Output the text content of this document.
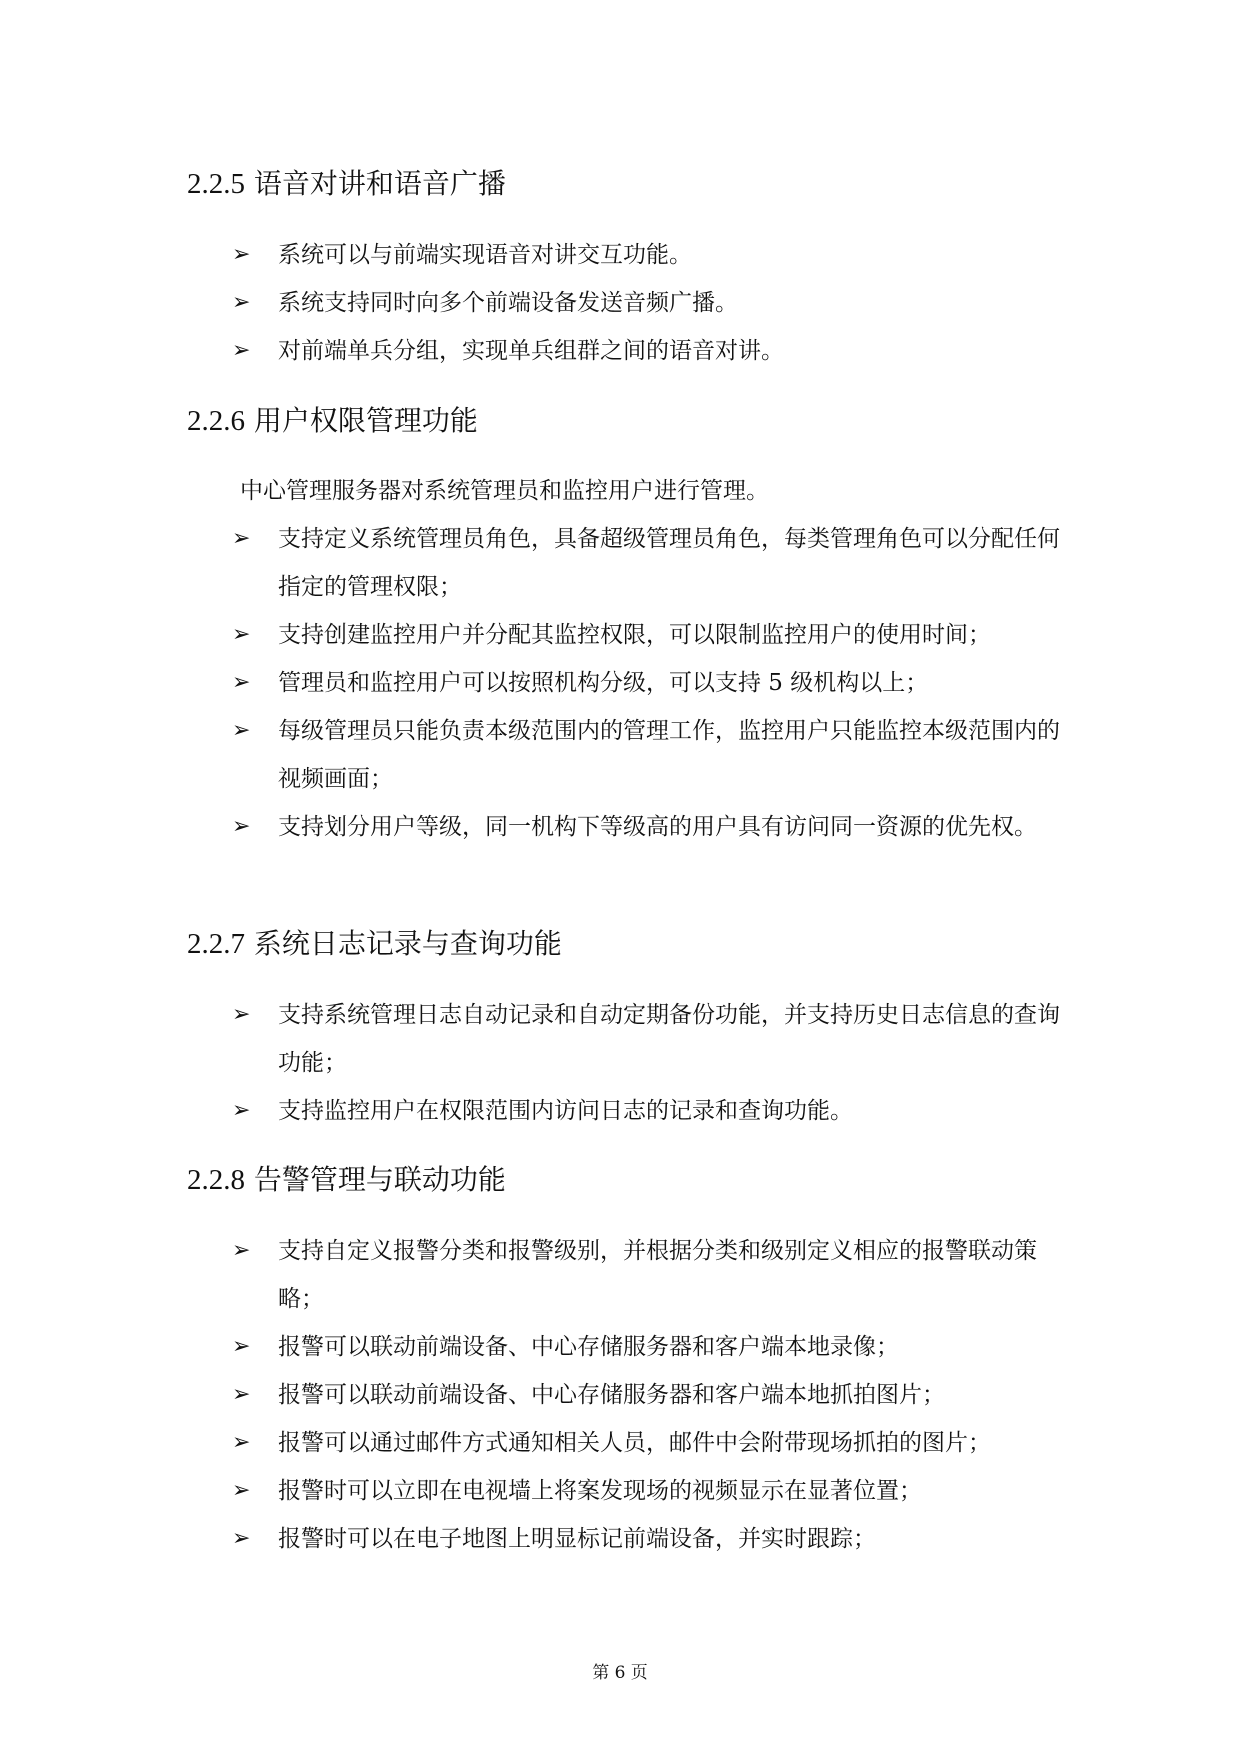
2.2.5 语音对讲和语音广播
➢ 系统可以与前端实现语音对讲交互功能。
➢ 系统支持同时向多个前端设备发送音频广播。
➢ 对前端单兵分组，实现单兵组群之间的语音对讲。
2.2.6 用户权限管理功能
中心管理服务器对系统管理员和监控用户进行管理。
➢ 支持定义系统管理员角色，具备超级管理员角色，每类管理角色可以分配任何指定的管理权限；
➢ 支持创建监控用户并分配其监控权限，可以限制监控用户的使用时间；
➢ 管理员和监控用户可以按照机构分级，可以支持 5 级机构以上；
➢ 每级管理员只能负责本级范围内的管理工作，监控用户只能监控本级范围内的视频画面；
➢ 支持划分用户等级，同一机构下等级高的用户具有访问同一资源的优先权。
2.2.7 系统日志记录与查询功能
➢ 支持系统管理日志自动记录和自动定期备份功能，并支持历史日志信息的查询功能；
➢ 支持监控用户在权限范围内访问日志的记录和查询功能。
2.2.8 告警管理与联动功能
➢ 支持自定义报警分类和报警级别，并根据分类和级别定义相应的报警联动策略；
➢ 报警可以联动前端设备、中心存储服务器和客户端本地录像；
➢ 报警可以联动前端设备、中心存储服务器和客户端本地抓拍图片；
➢ 报警可以通过邮件方式通知相关人员，邮件中会附带现场抓拍的图片；
➢ 报警时可以立即在电视墙上将案发现场的视频显示在显著位置；
➢ 报警时可以在电子地图上明显标记前端设备，并实时跟踪；
第 6 页
